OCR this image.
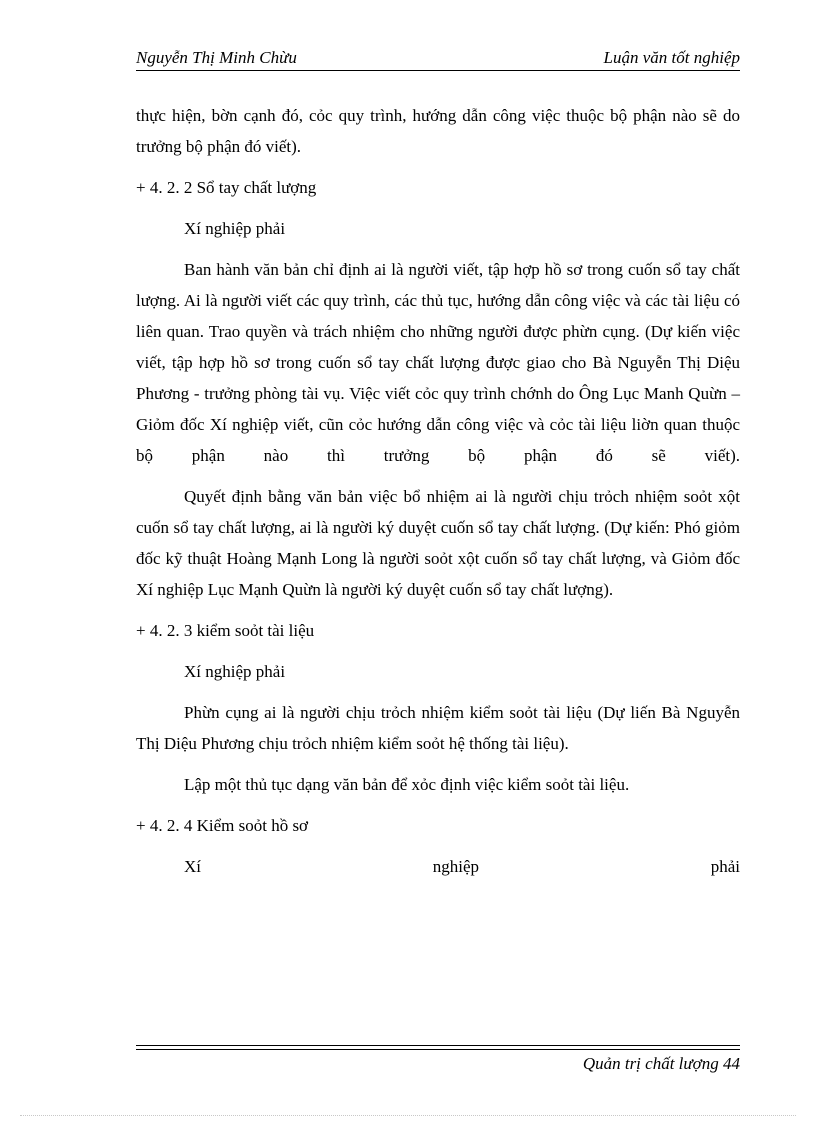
Nguyễn Thị Minh Chừu	Luận văn tốt nghiệp

thực hiện, bờn cạnh đó, cỏc quy trình, hướng dẫn công việc thuộc bộ phận nào sẽ do trưởng bộ phận đó viết).

+ 4. 2. 2 Sổ tay chất lượng

Xí nghiệp phải

Ban hành văn bản chỉ định ai là người viết, tập hợp hồ sơ trong cuốn sổ tay chất lượng. Ai là người viết các quy trình, các thủ tục, hướng dẫn công việc và các tài liệu có liên quan. Trao quyền và trách nhiệm cho những người được phừn cụng. (Dự kiến việc viết, tập hợp hồ sơ trong cuốn sổ tay chất lượng được giao cho Bà Nguyễn Thị Diệu Phương - trưởng phòng tài vụ. Việc viết cỏc quy trình chớnh do Ông Lục Manh Quừn – Giỏm đốc Xí nghiệp viết, cũn cỏc hướng dẫn công việc và cỏc tài liệu liờn quan thuộc bộ phận nào thì trưởng bộ phận đó sẽ viết).

Quyết định bằng văn bản việc bổ nhiệm ai là người chịu trỏch nhiệm soỏt xột cuốn sổ tay chất lượng, ai là người ký duyệt cuốn sổ tay chất lượng. (Dự kiến: Phó giỏm đốc kỹ thuật Hoàng Mạnh Long là người soỏt xột cuốn sổ tay chất lượng, và Giỏm đốc Xí nghiệp Lục Mạnh Quừn là người ký duyệt cuốn sổ tay chất lượng).

+ 4. 2. 3 kiểm soỏt tài liệu

Xí nghiệp phải

Phừn cụng ai là người chịu trỏch nhiệm kiểm soỏt tài liệu (Dự liến Bà Nguyễn Thị Diệu Phương chịu trỏch nhiệm kiểm soỏt hệ thống tài liệu).

Lập một thủ tục dạng văn bản để xỏc định việc kiểm soỏt tài liệu.

+ 4. 2. 4 Kiểm soỏt hồ sơ

Xí nghiệp phải

Quản trị chất lượng 44
